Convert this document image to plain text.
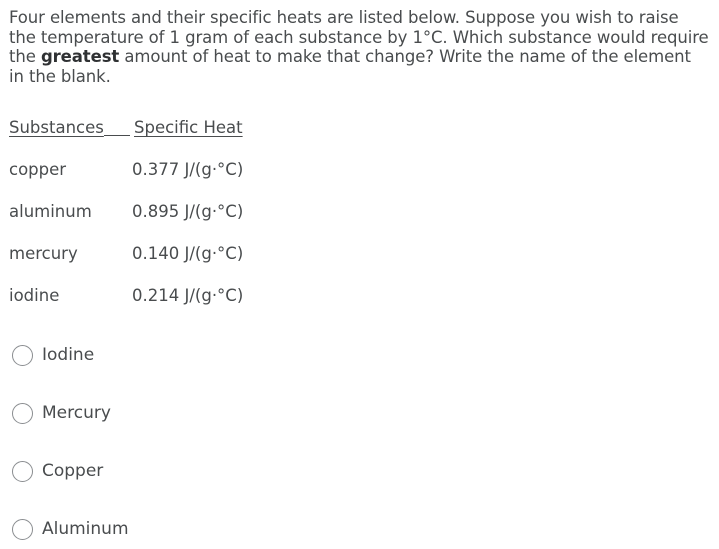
Four elements and their specific heats are listed below. Suppose you wish to raise the temperature of 1 gram of each substance by 1°C. Which substance would require the greatest amount of heat to make that change? Write the name of the element in the blank.
Substances	Specific Heat
copper	0.377 J/(g·°C)
aluminum 0.895 J/(g·°C)
mercury	0.140 J/(g·°C)
iodine	0.214 J/(g·°C)
Iodine
Mercury
Copper
Aluminum
